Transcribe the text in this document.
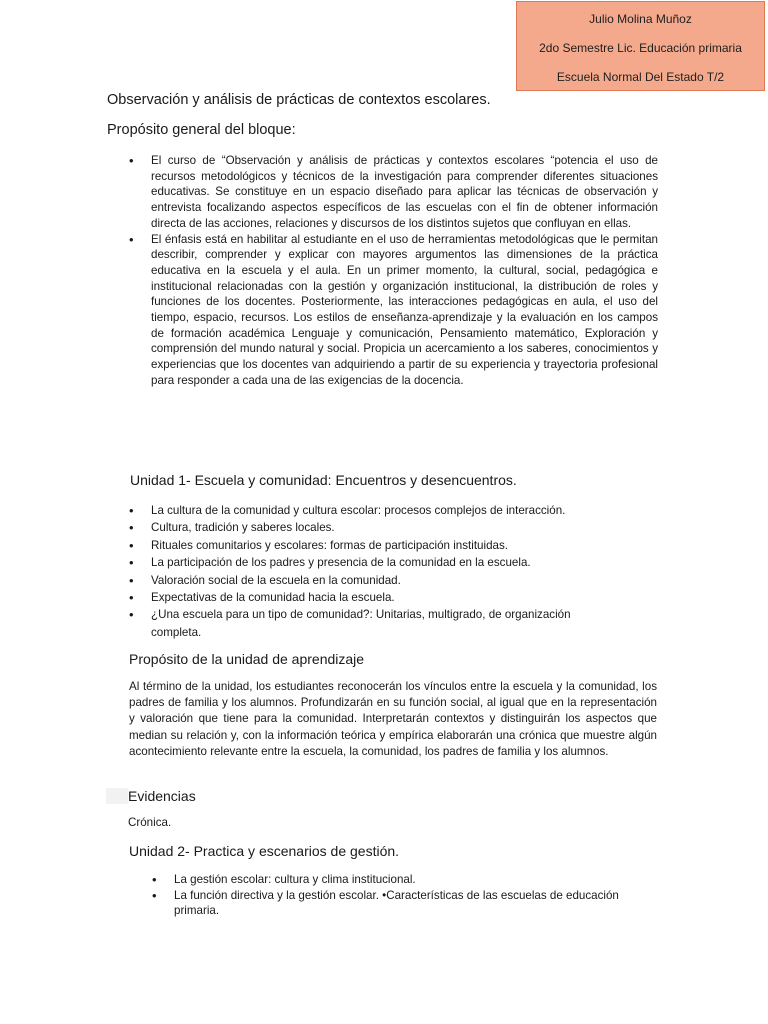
Julio Molina Muñoz
2do Semestre Lic. Educación primaria
Escuela Normal Del Estado T/2
Observación y análisis de prácticas de contextos escolares.
Propósito general del bloque:
• El curso de “Observación y análisis de prácticas y contextos escolares “potencia el uso de recursos metodológicos y técnicos de la investigación para comprender diferentes situaciones educativas. Se constituye en un espacio diseñado para aplicar las técnicas de observación y entrevista focalizando aspectos específicos de las escuelas con el fin de obtener información directa de las acciones, relaciones y discursos de los distintos sujetos que confluyan en ellas.
• El énfasis está en habilitar al estudiante en el uso de herramientas metodológicas que le permitan describir, comprender y explicar con mayores argumentos las dimensiones de la práctica educativa en la escuela y el aula. En un primer momento, la cultural, social, pedagógica e institucional relacionadas con la gestión y organización institucional, la distribución de roles y funciones de los docentes. Posteriormente, las interacciones pedagógicas en aula, el uso del tiempo, espacio, recursos. Los estilos de enseñanza-aprendizaje y la evaluación en los campos de formación académica Lenguaje y comunicación, Pensamiento matemático, Exploración y comprensión del mundo natural y social. Propicia un acercamiento a los saberes, conocimientos y experiencias que los docentes van adquiriendo a partir de su experiencia y trayectoria profesional para responder a cada una de las exigencias de la docencia.
Unidad 1- Escuela y comunidad: Encuentros y desencuentros.
• La cultura de la comunidad y cultura escolar: procesos complejos de interacción.
• Cultura, tradición y saberes locales.
• Rituales comunitarios y escolares: formas de participación instituidas.
• La participación de los padres y presencia de la comunidad en la escuela.
• Valoración social de la escuela en la comunidad.
• Expectativas de la comunidad hacia la escuela.
• ¿Una escuela para un tipo de comunidad?: Unitarias, multigrado, de organización completa.
Propósito de la unidad de aprendizaje
Al término de la unidad, los estudiantes reconocerán los vínculos entre la escuela y la comunidad, los padres de familia y los alumnos. Profundizarán en su función social, al igual que en la representación y valoración que tiene para la comunidad. Interpretarán contextos y distinguirán los aspectos que median su relación y, con la información teórica y empírica elaborarán una crónica que muestre algún acontecimiento relevante entre la escuela, la comunidad, los padres de familia y los alumnos.
Evidencias
Crónica.
Unidad 2- Practica y escenarios de gestión.
• La gestión escolar: cultura y clima institucional.
• La función directiva y la gestión escolar. •Características de las escuelas de educación primaria.
